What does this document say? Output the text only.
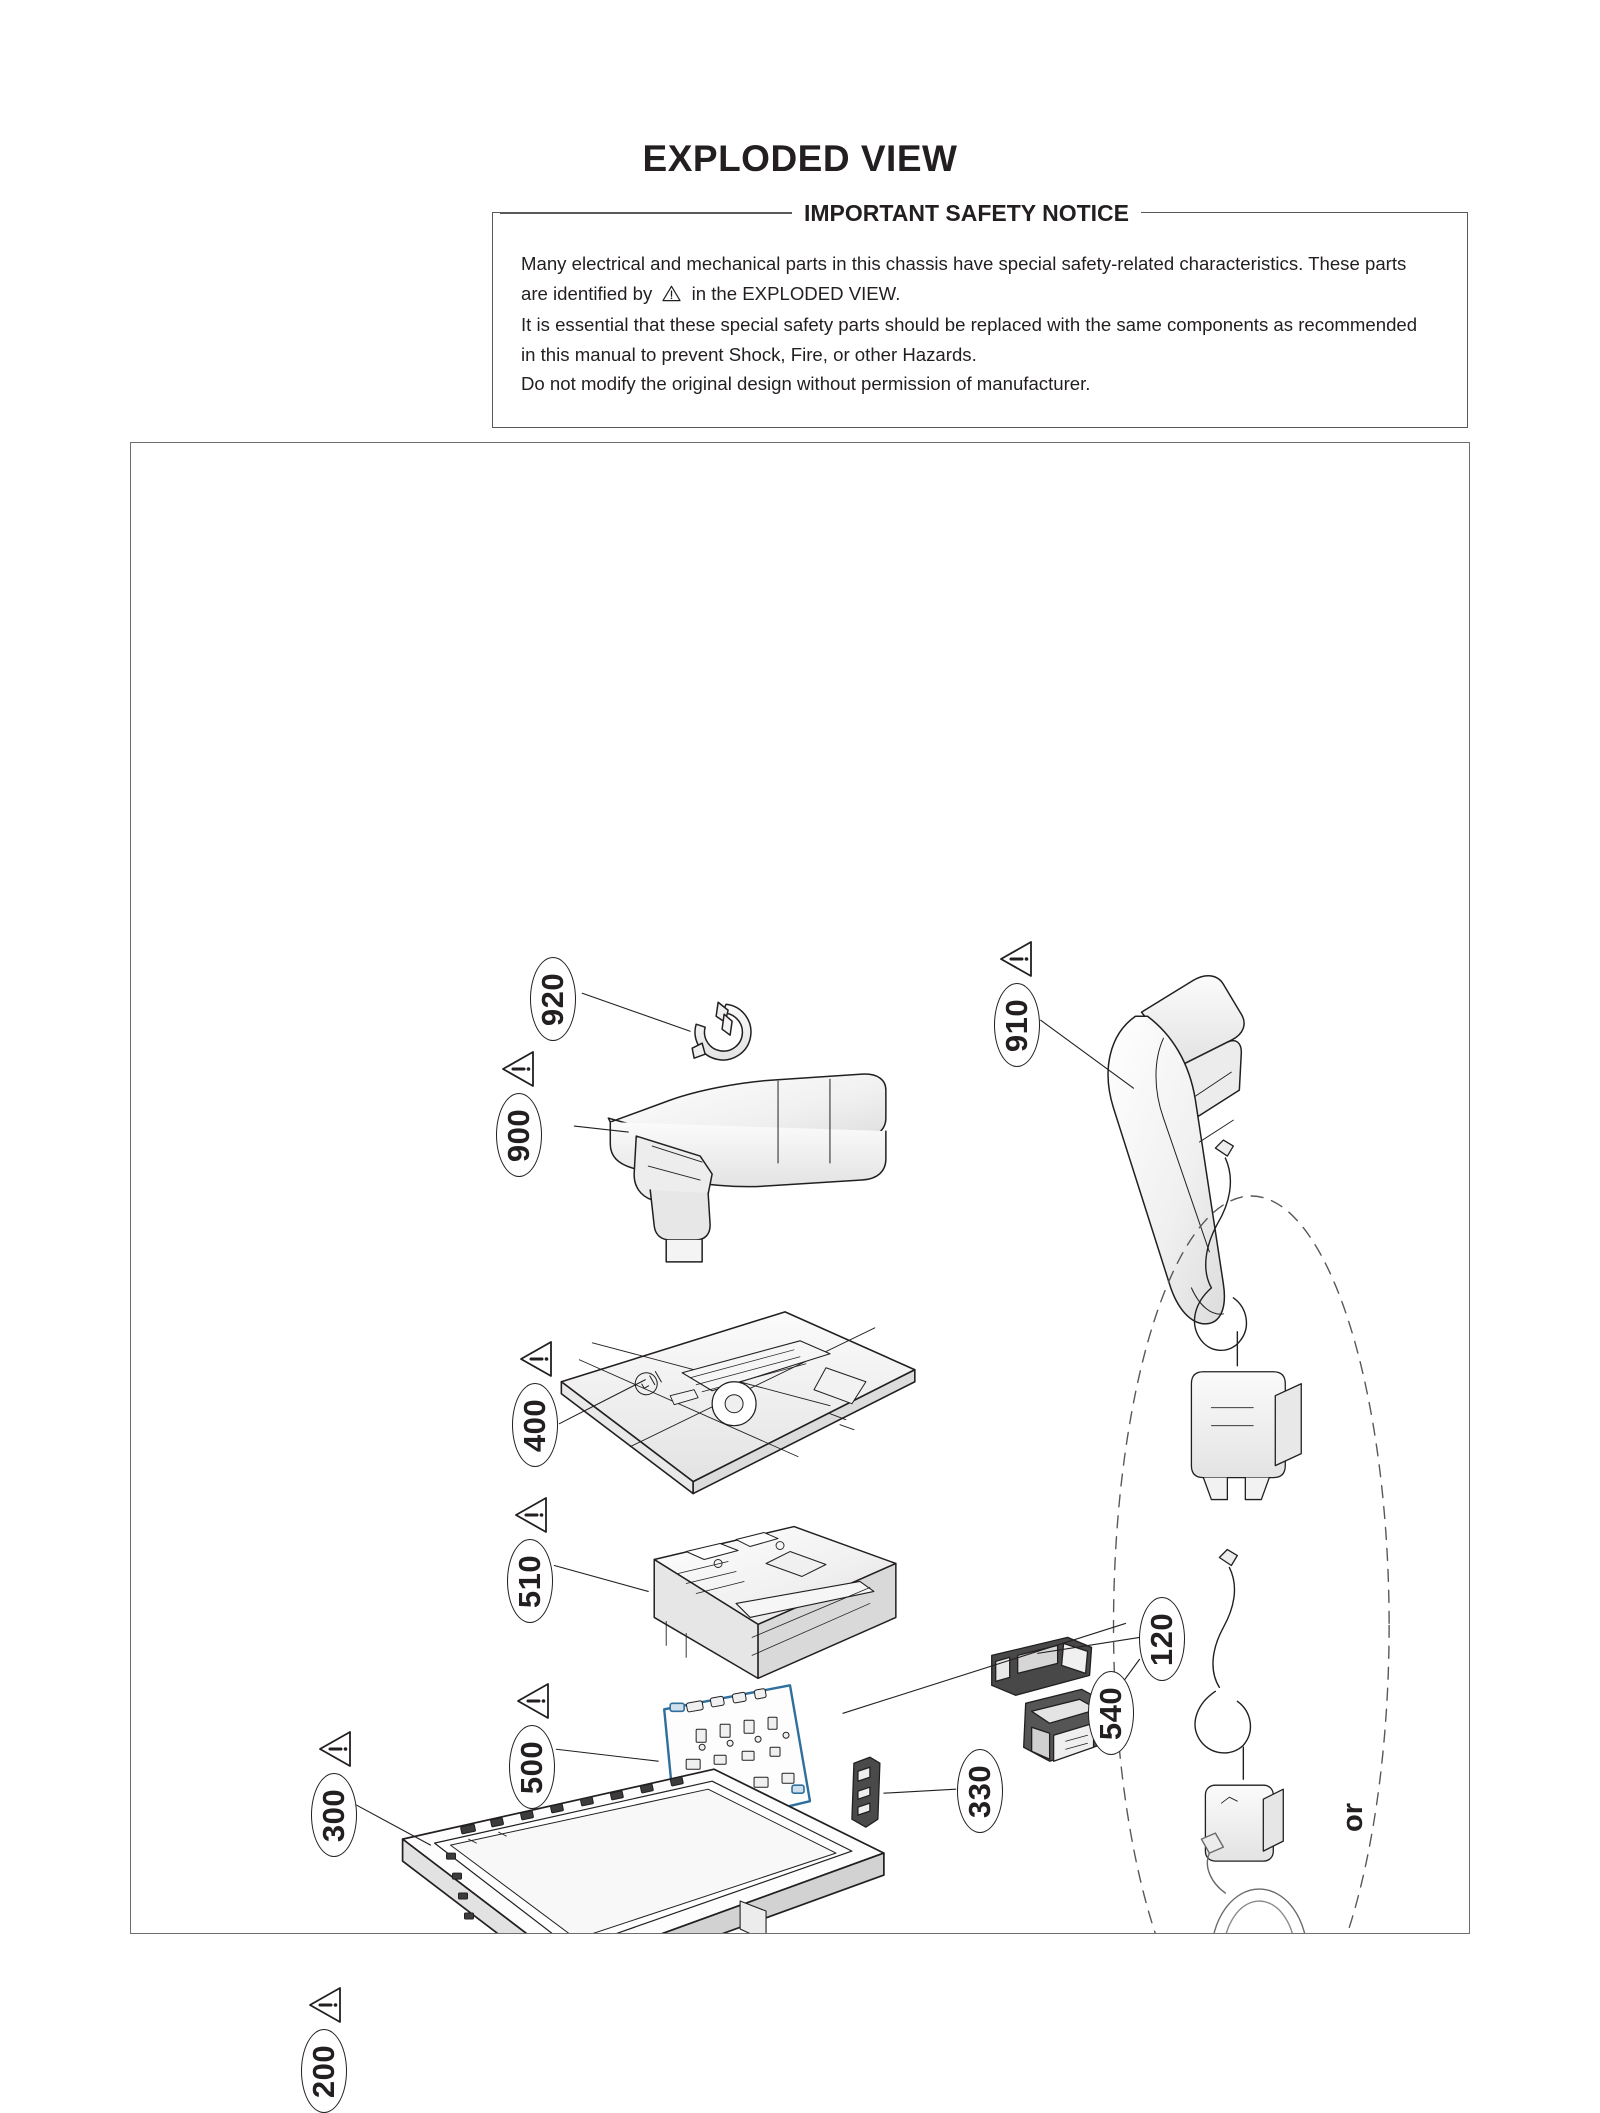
EXPLODED VIEW

Many electrical and mechanical parts in this chassis have special safety-related characteristics. These parts

are identified by in the EXPLODED VIEW.

It is essential that these special safety parts should be replaced with the same components as recommended

in this manual to prevent Shock, Fire, or other Hazards.

Do not modify the original design without permission of manufacturer.

IMPORTANT SAFETY NOTICE
920
900
910
400
510
500
120
330
300
200
540
or
